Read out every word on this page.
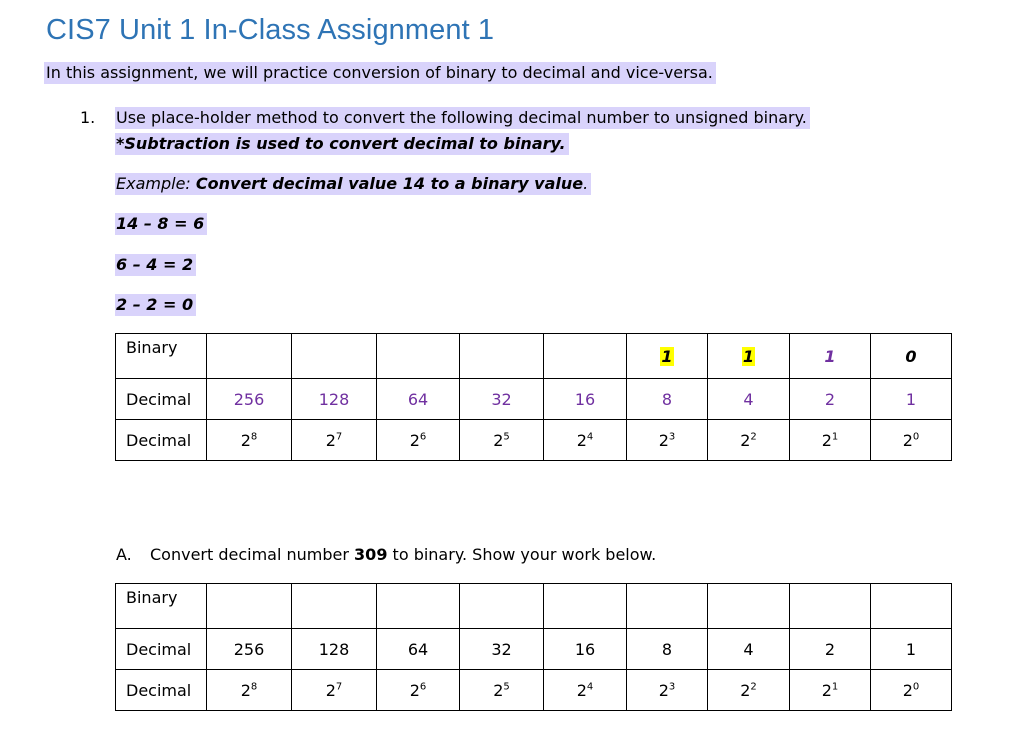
CIS7 Unit 1 In-Class Assignment 1
In this assignment, we will practice conversion of binary to decimal and vice-versa.
1. Use place-holder method to convert the following decimal number to unsigned binary.
*Subtraction is used to convert decimal to binary.
Example: Convert decimal value 14 to a binary value.
14 – 8 = 6
6 – 4 = 2
2 – 2 = 0
Binary						1	1	1	0
Decimal	256	128	64	32	16	8	4	2	1
Decimal	$2^8$	$2^7$	$2^6$	$2^5$	$2^4$	$2^3$	$2^2$	$2^1$	$2^0$
A. Convert decimal number 309 to binary. Show your work below.
Binary									
Decimal	256	128	64	32	16	8	4	2	1
Decimal	$2^8$	$2^7$	$2^6$	$2^5$	$2^4$	$2^3$	$2^2$	$2^1$	$2^0$
